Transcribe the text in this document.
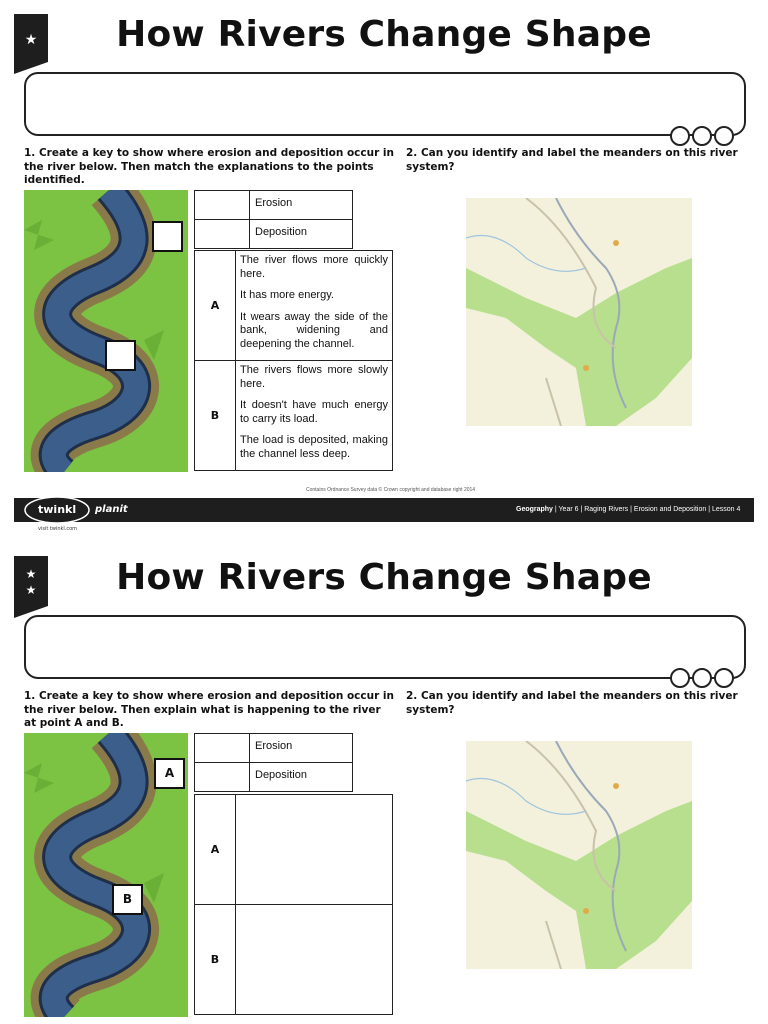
★	How Rivers Change Shape
1. Create a key to show where erosion and deposition occur in the river below. Then match the explanations to the points identified.
2. Can you identify and label the meanders on this river system?
	Erosion
	Deposition
A	The river flows more quickly here.

It has more energy.

It wears away the side of the bank, widening and deepening the channel.

B	The rivers flows more slowly here.

It doesn't have much energy to carry its load.

The load is deposited, making the channel less deep.

Contains Ordnance Survey data © Crown copyright and database right 2014
twinkl planit
visit twinkl.com
Geography | Year 6 | Raging Rivers | Erosion and Deposition | Lesson 4
★
★	How Rivers Change Shape
1. Create a key to show where erosion and deposition occur in the river below. Then explain what is happening to the river at point A and B.
2. Can you identify and label the meanders on this river system?
A
B
	Erosion
	Deposition
A	
B	
